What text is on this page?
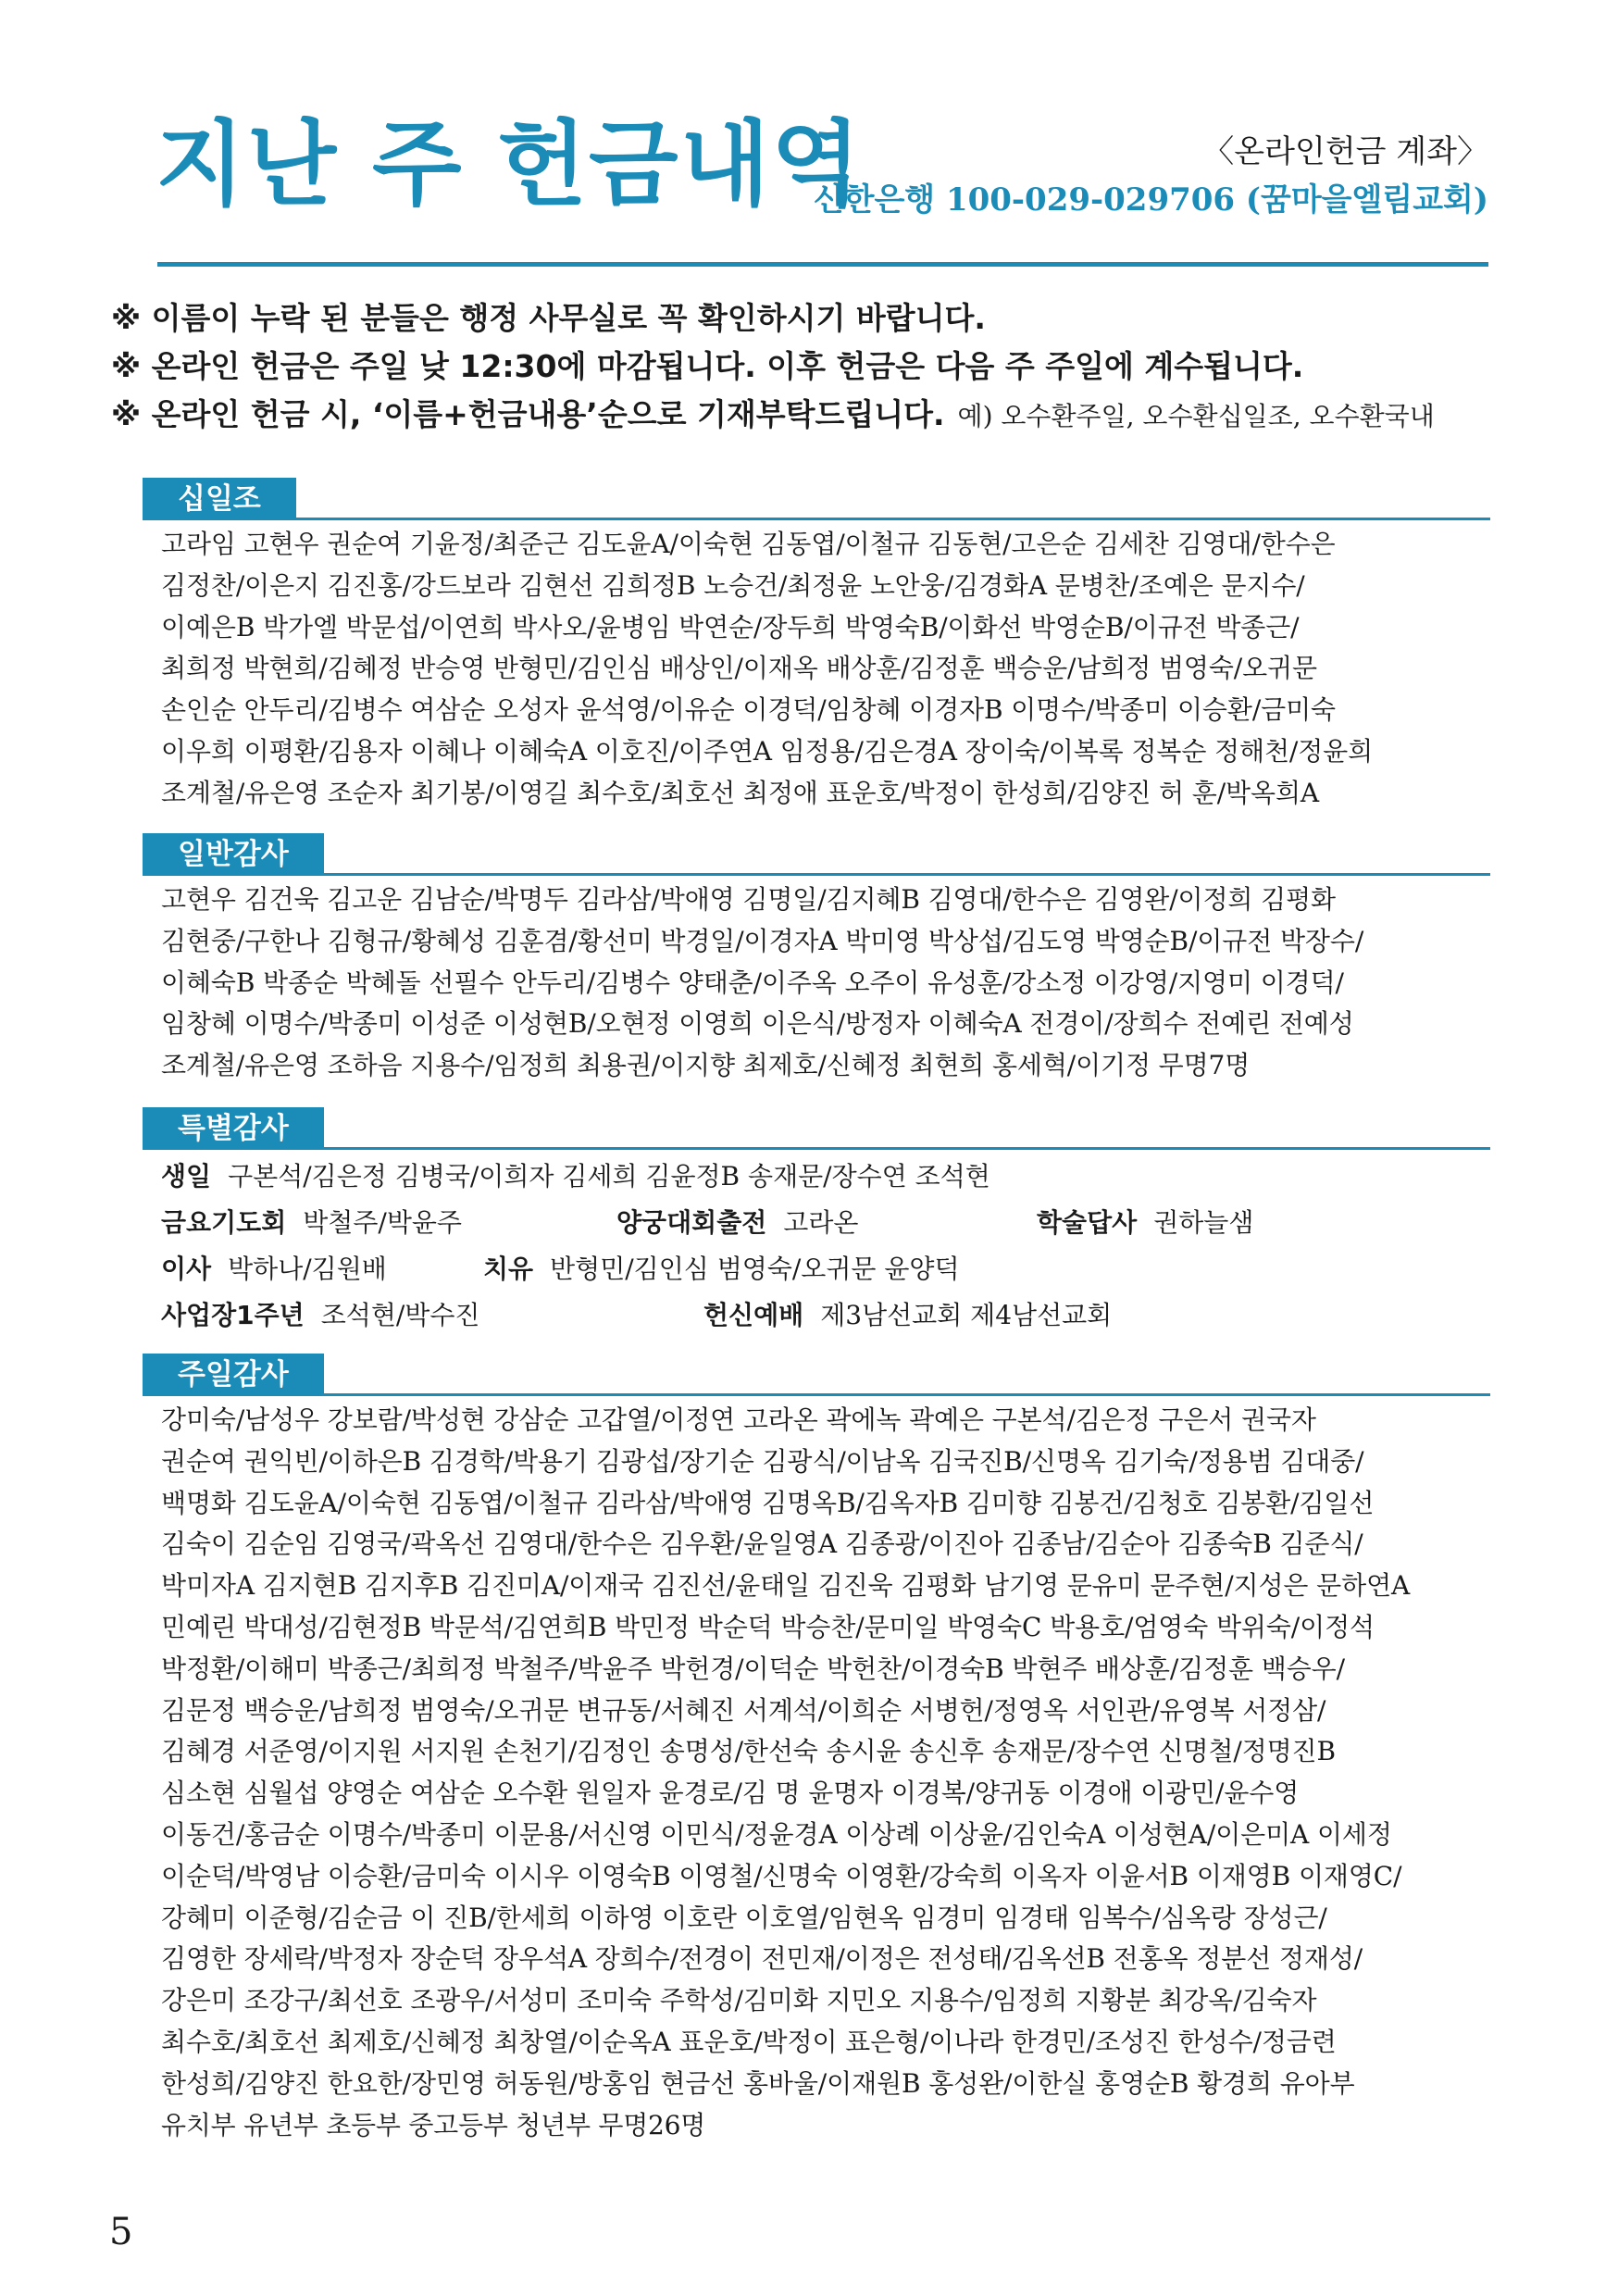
지난 주 헌금내역	〈온라인헌금 계좌〉
신한은행 100-029-029706 (꿈마을엘림교회)
※ 이름이 누락 된 분들은 행정 사무실로 꼭 확인하시기 바랍니다.
※ 온라인 헌금은 주일 낮 12:30에 마감됩니다. 이후 헌금은 다음 주 주일에 계수됩니다.
※ 온라인 헌금 시, ‘이름+헌금내용’순으로 기재부탁드립니다. 예) 오수환주일, 오수환십일조, 오수환국내
십일조
고라임 고현우 권순여 기윤정/최준근 김도윤A/이숙현 김동엽/이철규 김동현/고은순 김세찬 김영대/한수은
김정찬/이은지 김진홍/강드보라 김현선 김희정B 노승건/최정윤 노안웅/김경화A 문병찬/조예은 문지수/
이예은B 박가엘 박문섭/이연희 박사오/윤병임 박연순/장두희 박영숙B/이화선 박영순B/이규전 박종근/
최희정 박현희/김혜정 반승영 반형민/김인심 배상인/이재옥 배상훈/김정훈 백승운/남희정 범영숙/오귀문
손인순 안두리/김병수 여삼순 오성자 윤석영/이유순 이경덕/임창혜 이경자B 이명수/박종미 이승환/금미숙
이우희 이평환/김용자 이혜나 이혜숙A 이호진/이주연A 임정용/김은경A 장이숙/이복록 정복순 정해천/정윤희
조계철/유은영 조순자 최기봉/이영길 최수호/최호선 최정애 표운호/박정이 한성희/김양진 허 훈/박옥희A
일반감사
고현우 김건욱 김고운 김남순/박명두 김라삼/박애영 김명일/김지혜B 김영대/한수은 김영완/이정희 김평화
김현중/구한나 김형규/황혜성 김훈겸/황선미 박경일/이경자A 박미영 박상섭/김도영 박영순B/이규전 박장수/
이혜숙B 박종순 박혜돌 선필수 안두리/김병수 양태춘/이주옥 오주이 유성훈/강소정 이강영/지영미 이경덕/
임창혜 이명수/박종미 이성준 이성현B/오현정 이영희 이은식/방정자 이혜숙A 전경이/장희수 전예린 전예성
조계철/유은영 조하음 지용수/임정희 최용권/이지향 최제호/신혜정 최현희 홍세혁/이기정 무명7명
특별감사
생일 구본석/김은정 김병국/이희자 김세희 김윤정B 송재문/장수연 조석현
금요기도회 박철주/박윤주	양궁대회출전 고라온	학술답사 권하늘샘
이사 박하나/김원배	치유 반형민/김인심 범영숙/오귀문 윤양덕
사업장1주년 조석현/박수진	헌신예배 제3남선교회 제4남선교회
주일감사
강미숙/남성우 강보람/박성현 강삼순 고갑열/이정연 고라온 곽에녹 곽예은 구본석/김은정 구은서 권국자
권순여 권익빈/이하은B 김경학/박용기 김광섭/장기순 김광식/이남옥 김국진B/신명옥 김기숙/정용범 김대중/
백명화 김도윤A/이숙현 김동엽/이철규 김라삼/박애영 김명옥B/김옥자B 김미향 김봉건/김청호 김봉환/김일선
김숙이 김순임 김영국/곽옥선 김영대/한수은 김우환/윤일영A 김종광/이진아 김종남/김순아 김종숙B 김준식/
박미자A 김지현B 김지후B 김진미A/이재국 김진선/윤태일 김진욱 김평화 남기영 문유미 문주현/지성은 문하연A
민예린 박대성/김현정B 박문석/김연희B 박민정 박순덕 박승찬/문미일 박영숙C 박용호/엄영숙 박위숙/이정석
박정환/이해미 박종근/최희정 박철주/박윤주 박헌경/이덕순 박헌찬/이경숙B 박현주 배상훈/김정훈 백승우/
김문정 백승운/남희정 범영숙/오귀문 변규동/서혜진 서계석/이희순 서병헌/정영옥 서인관/유영복 서정삼/
김혜경 서준영/이지원 서지원 손천기/김정인 송명성/한선숙 송시윤 송신후 송재문/장수연 신명철/정명진B
심소현 심월섭 양영순 여삼순 오수환 원일자 윤경로/김 명 윤명자 이경복/양귀동 이경애 이광민/윤수영
이동건/홍금순 이명수/박종미 이문용/서신영 이민식/정윤경A 이상례 이상윤/김인숙A 이성현A/이은미A 이세정
이순덕/박영남 이승환/금미숙 이시우 이영숙B 이영철/신명숙 이영환/강숙희 이옥자 이윤서B 이재영B 이재영C/
강혜미 이준형/김순금 이 진B/한세희 이하영 이호란 이호열/임현옥 임경미 임경태 임복수/심옥랑 장성근/
김영한 장세락/박정자 장순덕 장우석A 장희수/전경이 전민재/이정은 전성태/김옥선B 전홍옥 정분선 정재성/
강은미 조강구/최선호 조광우/서성미 조미숙 주학성/김미화 지민오 지용수/임정희 지황분 최강옥/김숙자
최수호/최호선 최제호/신혜정 최창열/이순옥A 표운호/박정이 표은형/이나라 한경민/조성진 한성수/정금련
한성희/김양진 한요한/장민영 허동원/방홍임 현금선 홍바울/이재원B 홍성완/이한실 홍영순B 황경희 유아부
유치부 유년부 초등부 중고등부 청년부 무명26명
5
